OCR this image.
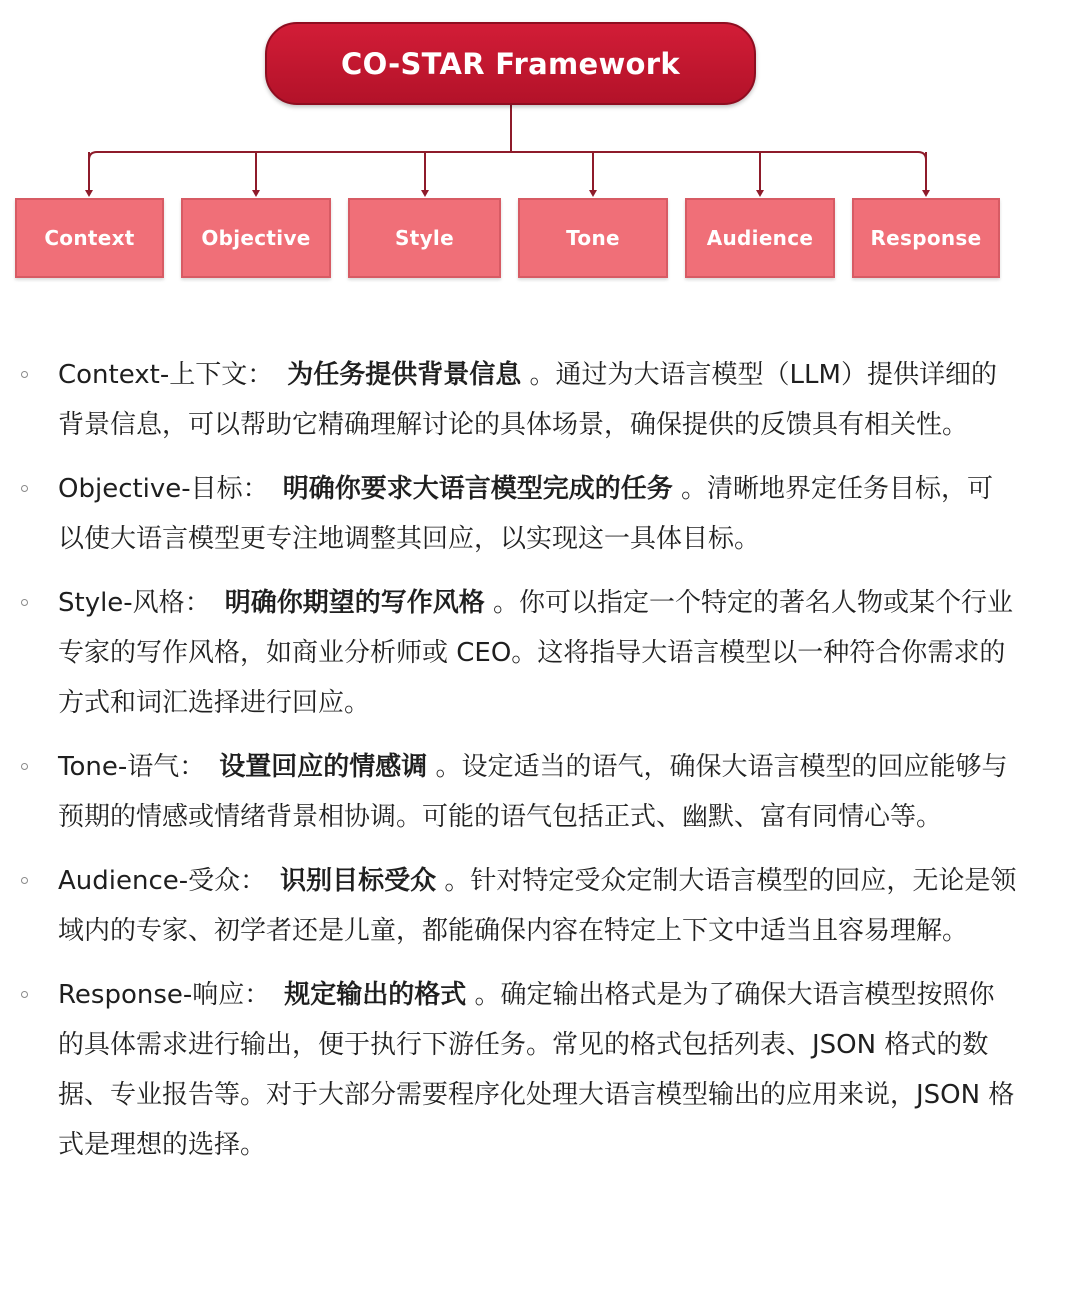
CO-STAR Framework
Context	Objective	Style	Tone	Audience	Response
Context-上下文： 为任务提供背景信息 。通过为大语言模型（LLM）提供详细的背景信息，可以帮助它精确理解讨论的具体场景，确保提供的反馈具有相关性。
Objective-目标： 明确你要求大语言模型完成的任务 。清晰地界定任务目标，可以使大语言模型更专注地调整其回应，以实现这一具体目标。
Style-风格： 明确你期望的写作风格 。你可以指定一个特定的著名人物或某个行业专家的写作风格，如商业分析师或 CEO。这将指导大语言模型以一种符合你需求的方式和词汇选择进行回应。
Tone-语气： 设置回应的情感调 。设定适当的语气，确保大语言模型的回应能够与预期的情感或情绪背景相协调。可能的语气包括正式、幽默、富有同情心等。
Audience-受众： 识别目标受众 。针对特定受众定制大语言模型的回应，无论是领域内的专家、初学者还是儿童，都能确保内容在特定上下文中适当且容易理解。
Response-响应： 规定输出的格式 。确定输出格式是为了确保大语言模型按照你的具体需求进行输出，便于执行下游任务。常见的格式包括列表、JSON 格式的数据、专业报告等。对于大部分需要程序化处理大语言模型输出的应用来说，JSON 格式是理想的选择。
